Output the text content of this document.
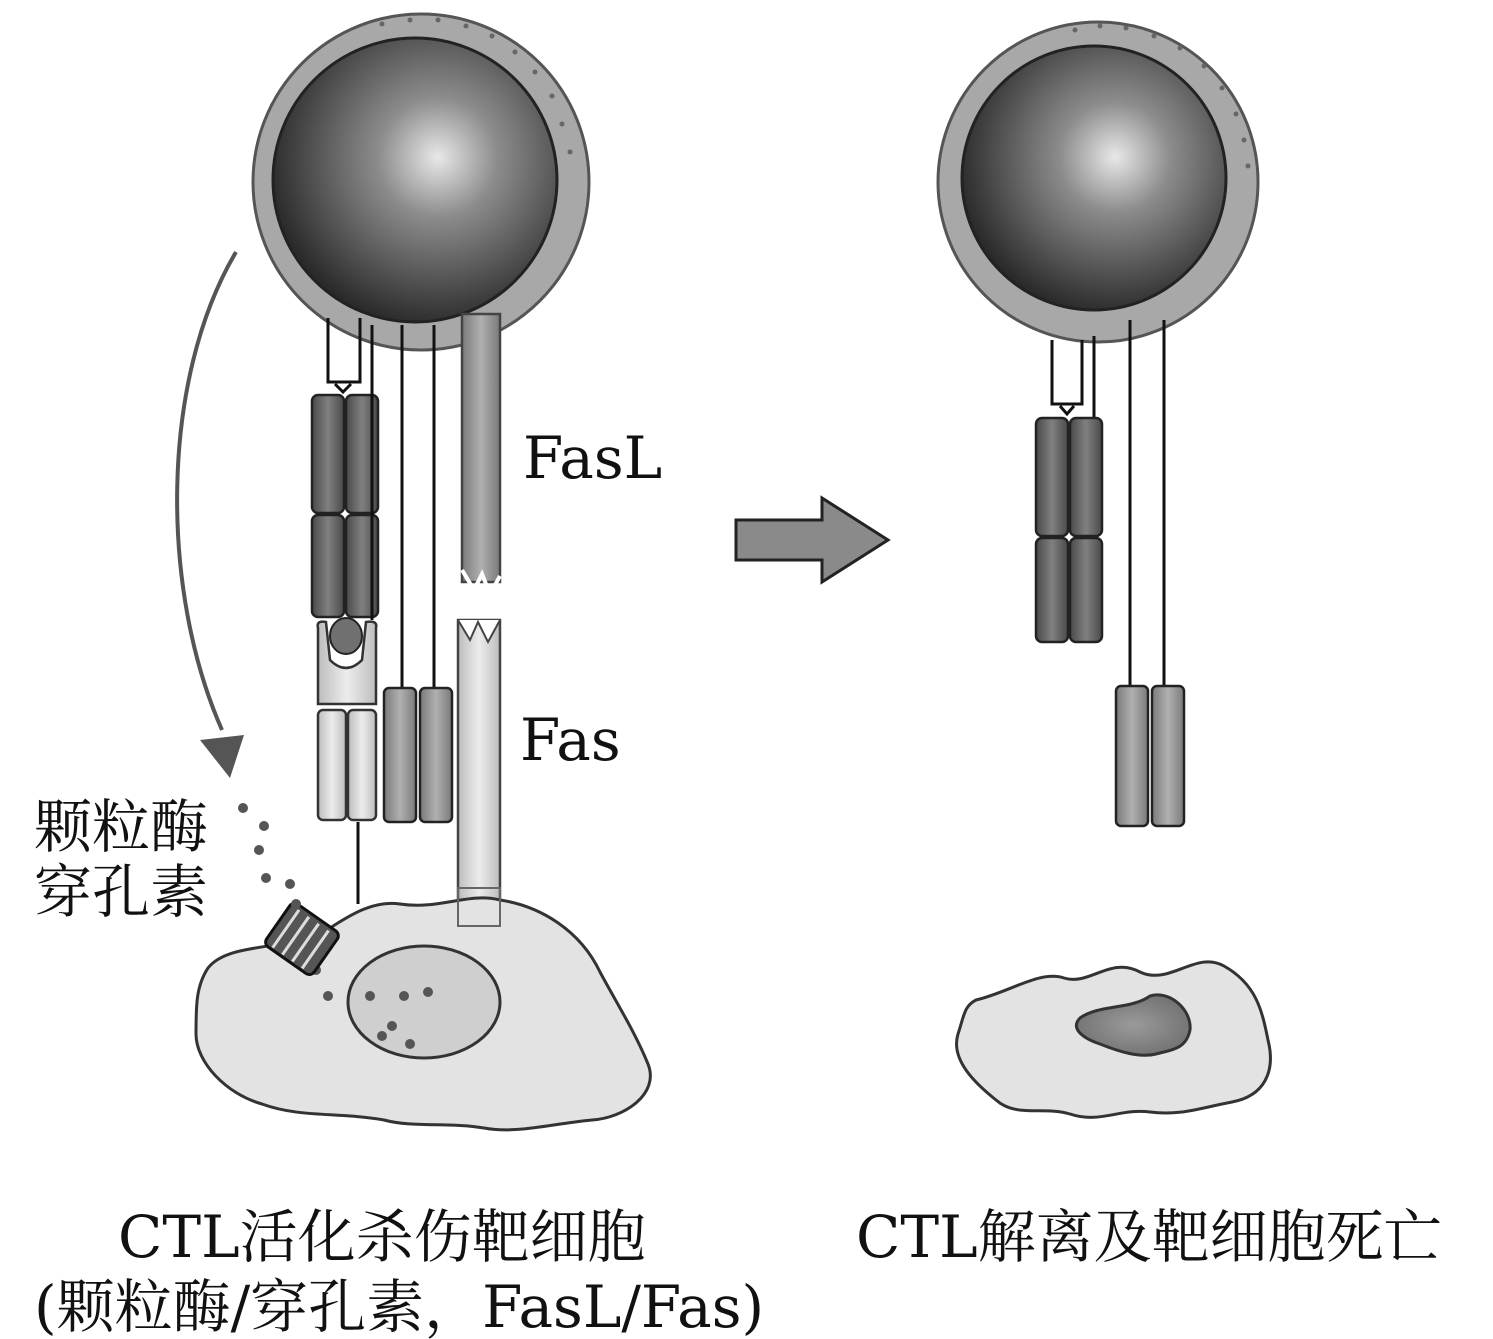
FasL
Fas
颗粒酶
穿孔素
CTL活化杀伤靶细胞
(颗粒酶/穿孔素，FasL/Fas)
CTL解离及靶细胞死亡
